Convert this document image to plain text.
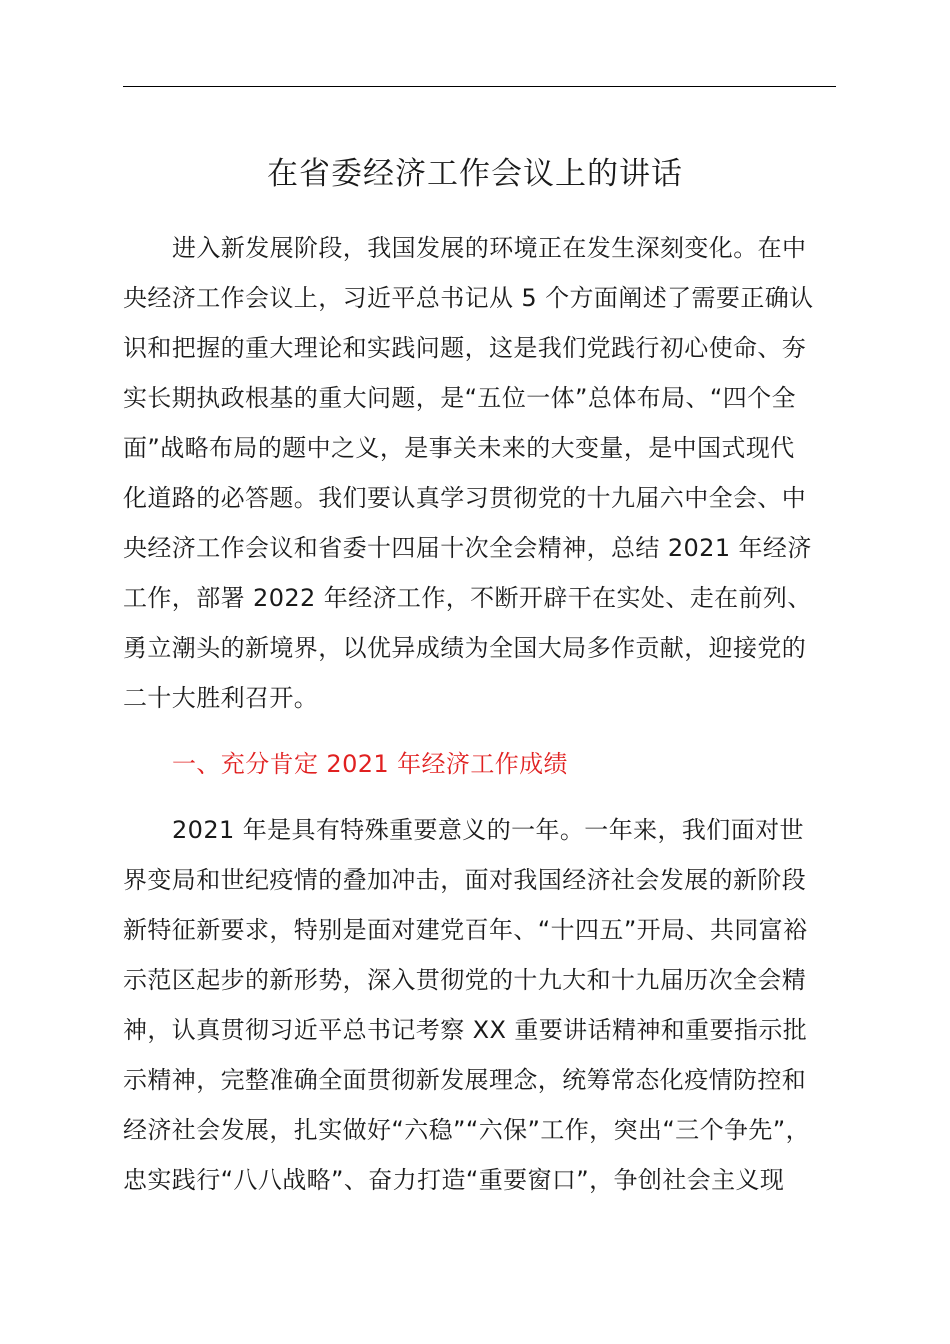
在省委经济工作会议上的讲话
进入新发展阶段，我国发展的环境正在发生深刻变化。在中
央经济工作会议上，习近平总书记从 5 个方面阐述了需要正确认
识和把握的重大理论和实践问题，这是我们党践行初心使命、夯
实长期执政根基的重大问题，是“五位一体”总体布局、“四个全
面”战略布局的题中之义，是事关未来的大变量，是中国式现代
化道路的必答题。我们要认真学习贯彻党的十九届六中全会、中
央经济工作会议和省委十四届十次全会精神，总结 2021 年经济
工作，部署 2022 年经济工作，不断开辟干在实处、走在前列、
勇立潮头的新境界，以优异成绩为全国大局多作贡献，迎接党的
二十大胜利召开。
一、充分肯定 2021 年经济工作成绩
2021 年是具有特殊重要意义的一年。一年来，我们面对世
界变局和世纪疫情的叠加冲击，面对我国经济社会发展的新阶段
新特征新要求，特别是面对建党百年、“十四五”开局、共同富裕
示范区起步的新形势，深入贯彻党的十九大和十九届历次全会精
神，认真贯彻习近平总书记考察 XX 重要讲话精神和重要指示批
示精神，完整准确全面贯彻新发展理念，统筹常态化疫情防控和
经济社会发展，扎实做好“六稳”“六保”工作，突出“三个争先”，
忠实践行“八八战略”、奋力打造“重要窗口”，争创社会主义现
